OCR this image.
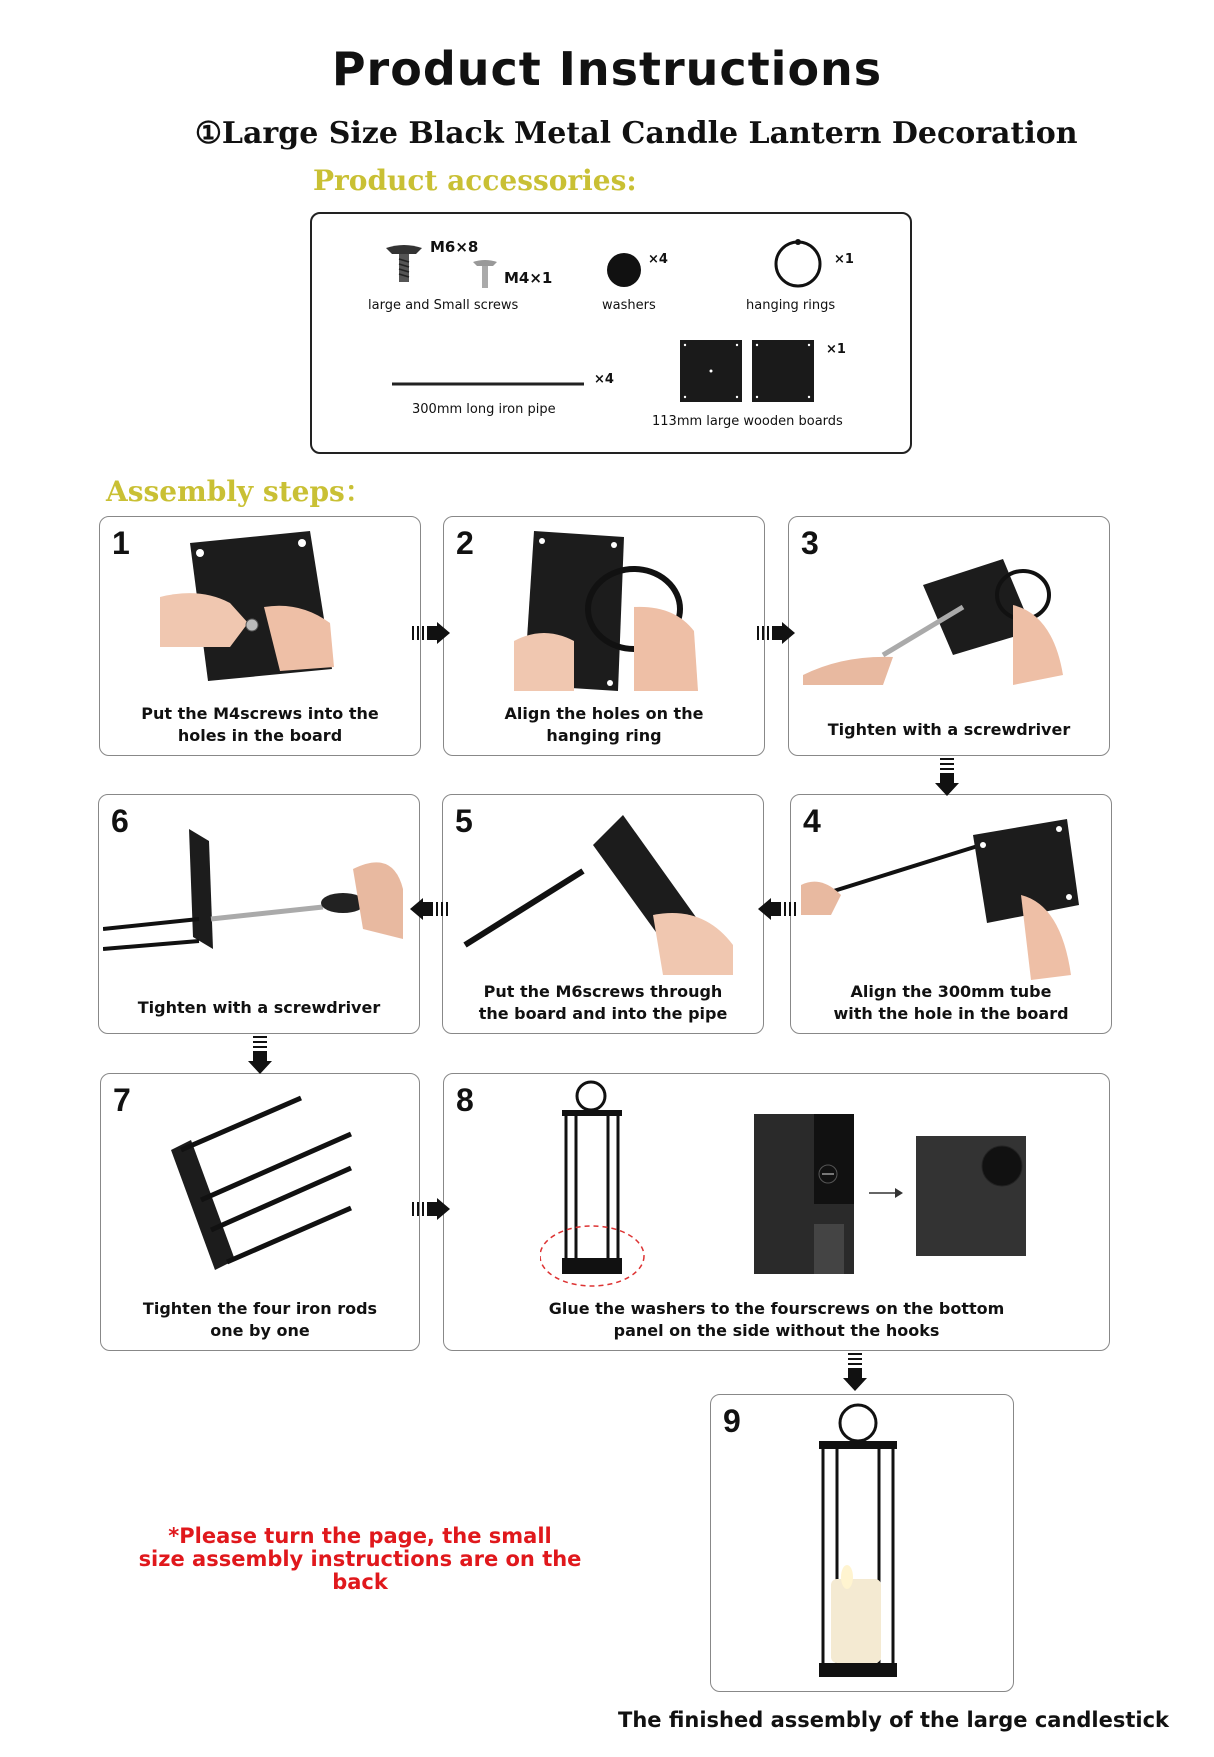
Product Instructions
①Large Size Black Metal Candle Lantern Decoration
Product accessories:
M6×8
M4×1
large and Small screws
×4
washers
×1
hanging rings
×4
300mm long iron pipe
×1
113mm large wooden boards
Assembly steps：
1
Put the M4screws into the
holes in the board
2
Align the holes on the
hanging ring
3
Tighten with a screwdriver
6
Tighten with a screwdriver
5
Put the M6screws through
the board and into the pipe
4
Align the 300mm tube
with the hole in the board
7
Tighten the four iron rods
one by one
8
Glue the washers to the fourscrews on the bottom
panel on the side without the hooks
9
*Please turn the page, the small
size assembly instructions are on the back
The finished assembly of the large candlestick
